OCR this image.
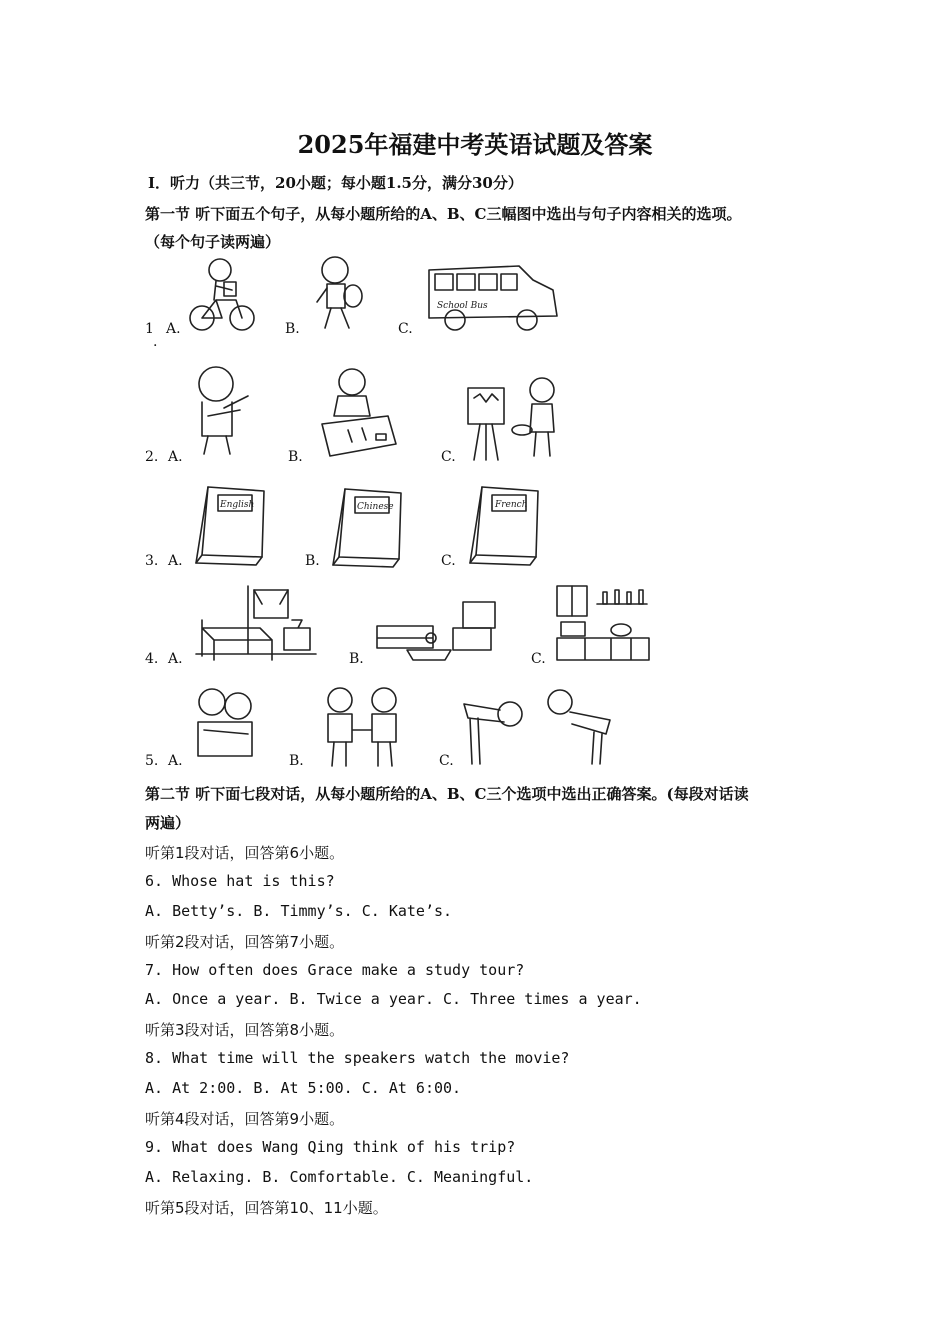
2025年福建中考英语试题及答案
Ⅰ．听力（共三节，20小题；每小题1.5分，满分30分）
第一节 听下面五个句子，从每小题所给的A、B、C三幅图中选出与句子内容相关的选项。
（每个句子读两遍）
1
.
A.	B.	C.
School Bus
2. A.	B.	C.
3. A.	B.	C.
English	Chinese	French
4. A.	B.	C.
5. A.	B.	C.
第二节 听下面七段对话，从每小题所给的A、B、C三个选项中选出正确答案。(每段对话读
两遍）
听第1段对话，回答第6小题。
6. Whose hat is this?
A. Betty’s. B. Timmy’s. C. Kate’s.
听第2段对话，回答第7小题。
7. How often does Grace make a study tour?
A. Once a year. B. Twice a year. C. Three times a year.
听第3段对话，回答第8小题。
8. What time will the speakers watch the movie?
A. At 2:00. B. At 5:00. C. At 6:00.
听第4段对话，回答第9小题。
9. What does Wang Qing think of his trip?
A. Relaxing. B. Comfortable. C. Meaningful.
听第5段对话，回答第10、11小题。
